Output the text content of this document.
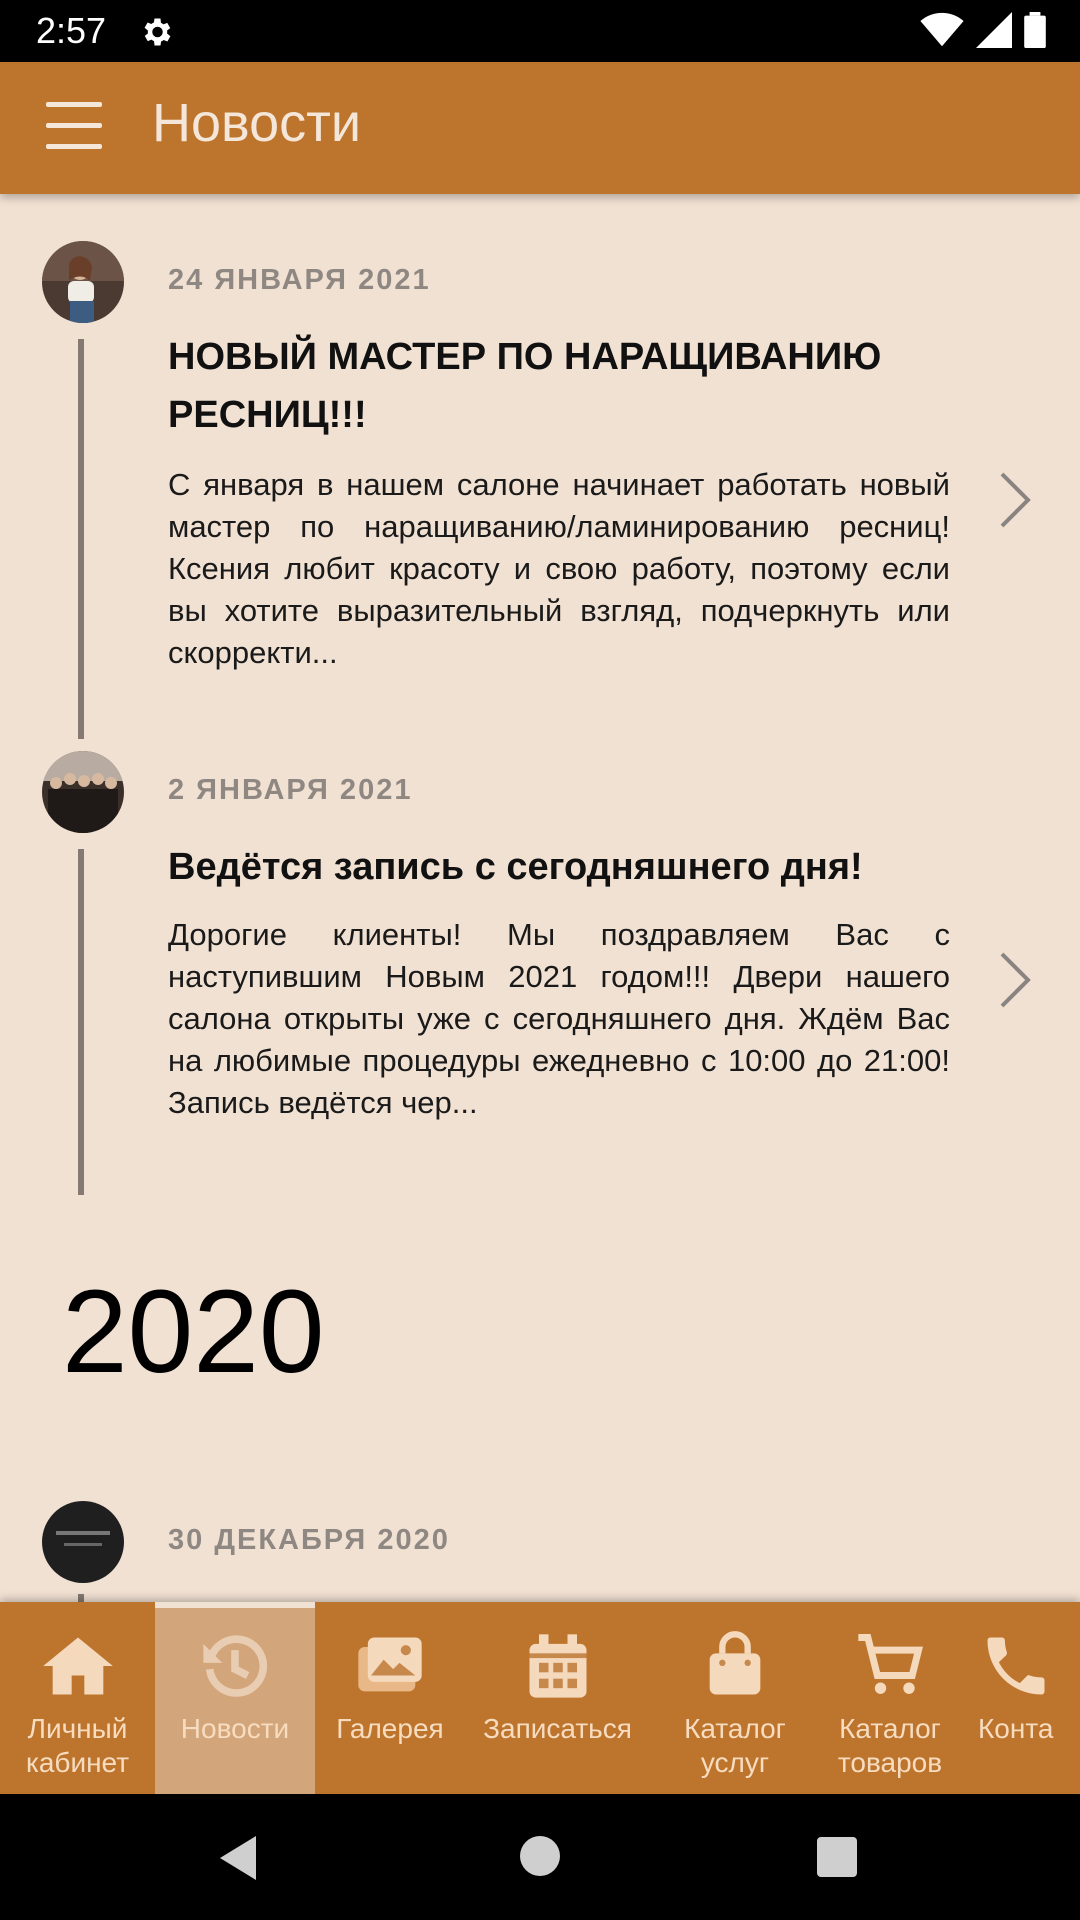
2:57
Новости
24 ЯНВАРЯ 2021
НОВЫЙ МАСТЕР ПО НАРАЩИВАНИЮ РЕСНИЦ!!!
С января в нашем салоне начинает работать новый мастер по наращиванию/ламинированию ресниц! Ксения любит красоту и свою работу, поэтому если вы хотите выразительный взгляд, подчеркнуть или скорректи...
2 ЯНВАРЯ 2021
Ведётся запись с сегодняшнего дня!
Дорогие клиенты! Мы поздравляем Вас с наступившим Новым 2021 годом!!! Двери нашего салона открыты уже с сегодняшнего дня. Ждём Вас на любимые процедуры ежедневно с 10:00 до 21:00! Запись ведётся чер...
2020
30 ДЕКАБРЯ 2020
Личный кабинет
Новости Галерея Записаться	Каталог услуг
Каталог товаров
Конта
